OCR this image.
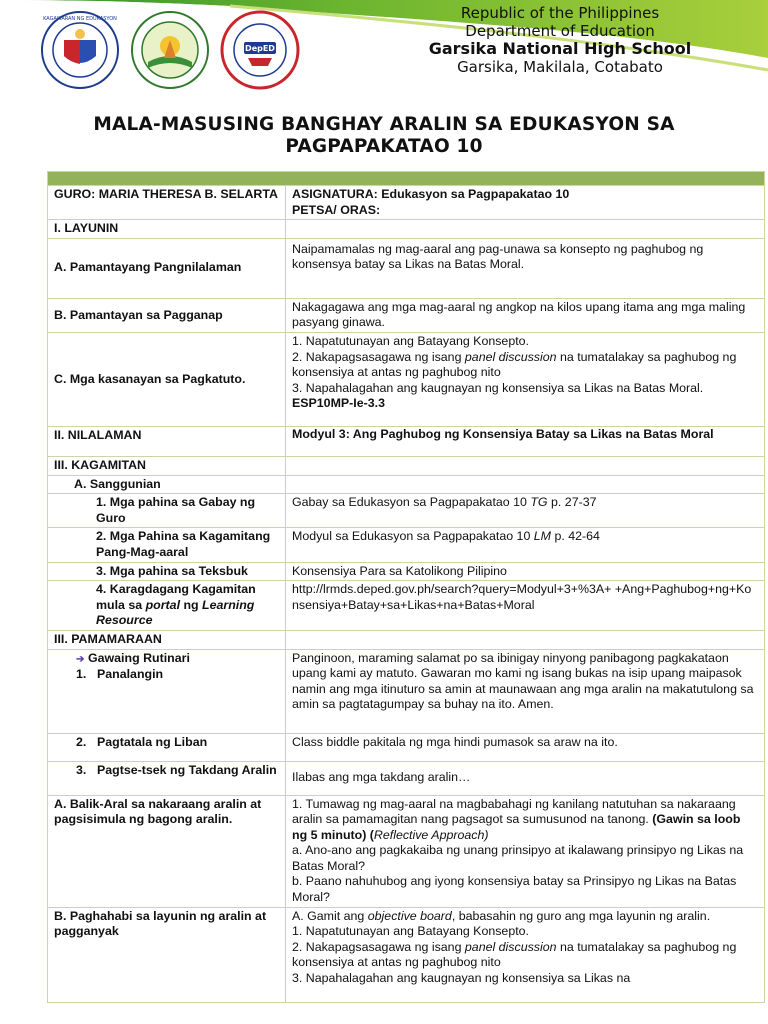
KAGAWARAN NG EDUKASYON
DepED
Republic of the Philippines
Department of Education
Garsika National High School
Garsika, Makilala, Cotabato
MALA-MASUSING BANGHAY ARALIN SA EDUKASYON SA
PAGPAPAKATAO 10

GURO: MARIA THERESA B. SELARTA	ASIGNATURA: Edukasyon sa Pagpapakatao 10
PETSA/ ORAS:

I. LAYUNIN	
A. Pamantayang Pangnilalaman	Naipamamalas ng mag-aaral ang pag-unawa sa konsepto ng paghubog ng konsensya batay sa Likas na Batas Moral.
B. Pamantayan sa Pagganap	Nakagagawa ang mga mag-aaral ng angkop na kilos upang itama ang mga maling pasyang ginawa.
C. Mga kasanayan sa Pagkatuto.	1. Napatutunayan ang Batayang Konsepto.
2. Nakapagsasagawa ng isang panel discussion na tumatalakay sa paghubog ng konsensiya at antas ng paghubog nito
3. Napahalagahan ang kaugnayan ng konsensiya sa Likas na Batas Moral.
ESP10MP-Ie-3.3

II. NILALAMAN	Modyul 3: Ang Paghubog ng Konsensiya Batay sa Likas na Batas Moral
III. KAGAMITAN	
A. Sanggunian	
1. Mga pahina sa Gabay ng Guro	Gabay sa Edukasyon sa Pagpapakatao 10 TG p. 27-37
2. Mga Pahina sa Kagamitang Pang-Mag-aaral	Modyul sa Edukasyon sa Pagpapakatao 10 LM p. 42-64
3. Mga pahina sa Teksbuk	Konsensiya Para sa Katolikong Pilipino
4. Karagdagang Kagamitan mula sa portal ng Learning Resource	http://lrmds.deped.gov.ph/search?query=Modyul+3+%3A+ +Ang+Paghubog+ng+Konsensiya+Batay+sa+Likas+na+Batas+Moral
III. PAMAMARAAN	

➔ Gawaing Rutinari
1. Panalangin	Panginoon, maraming salamat po sa ibinigay ninyong panibagong pagkakataon upang kami ay matuto. Gawaran mo kami ng isang bukas na isip upang maipasok namin ang mga itinuturo sa amin at maunawaan ang mga aralin na makatutulong sa amin sa pagtatagumpay sa buhay na ito. Amen.
2. Pagtatala ng Liban	Class biddle pakitala ng mga hindi pumasok sa araw na ito.

3. Pagtse-tsek ng Takdang Aralin	Ilabas ang mga takdang aralin…
A. Balik-Aral sa nakaraang aralin at pagsisimula ng bagong aralin.	1. Tumawag ng mag-aaral na magbabahagi ng kanilang natutuhan sa nakaraang aralin sa pamamagitan nang pagsagot sa sumusunod na tanong. (Gawin sa loob ng 5 minuto) (Reflective Approach)
a. Ano-ano ang pagkakaiba ng unang prinsipyo at ikalawang prinsipyo ng Likas na Batas Moral?
b. Paano nahuhubog ang iyong konsensiya batay sa Prinsipyo ng Likas na Batas Moral?

B. Paghahabi sa layunin ng aralin at pagganyak	A. Gamit ang objective board, babasahin ng guro ang mga layunin ng aralin.
1. Napatutunayan ang Batayang Konsepto.
2. Nakapagsasagawa ng isang panel discussion na tumatalakay sa paghubog ng konsensiya at antas ng paghubog nito
3. Napahalagahan ang kaugnayan ng konsensiya sa Likas na
